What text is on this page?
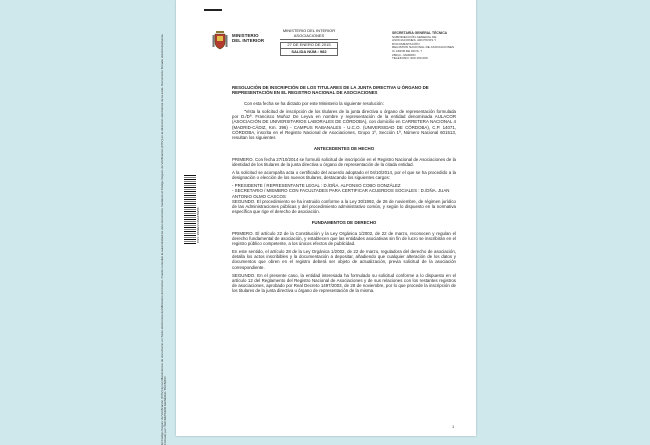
El Código Seguro de Verificación (CSV) de los Mecanismos de documento en Sede electrónica del Ministerio del Interior. Puede consultar la autenticidad de este documento mediante el Código Seguro de Verificación (CSV) en la dirección electrónica de la sede. Documento firmado electrónicamente. Firmado por: SECRETARIO GENERAL TÉCNICO
CSV: 9SWEVV4SAF5W56
MINISTERIO
DEL INTERIOR
MINISTERIO DEL INTERIOR
ASOCIACIONES
27 DE ENERO DE 2015
SALIDA NÚM.: 982
SECRETARÍA GENERAL TÉCNICA
SUBDIRECCIÓN GENERAL DE
ASOCIACIONES, ARCHIVOS Y
DOCUMENTACIÓN
REGISTRO NACIONAL DE ASOCIACIONES
C/ AMOR DE DIOS, 7
28014 - MADRID
TELÉFONO: 900 150 000

RESOLUCIÓN DE INSCRIPCIÓN DE LOS TITULARES DE LA JUNTA DIRECTIVA U ÓRGANO DE REPRESENTACIÓN EN EL REGISTRO NACIONAL DE ASOCIACIONES

Con esta fecha se ha dictado por este Ministerio la siguiente resolución:

"Vista la solicitud de inscripción de los titulares de la junta directiva u órgano de representación formulada por D./Dª. Francisco Muñoz De Leyva en nombre y representación de la entidad denominada AULACOR (ASOCIACIÓN DE UNIVERSITARIOS LABORALES DE CÓRDOBA), con domicilio en CARRETERA NACIONAL 4 (MADRID-CÁDIZ, Km. 396) - CAMPUS RABANALES - U.C.O. (UNIVERSIDAD DE CÓRDOBA), C.P. 14071, CÓRDOBA, inscrita en el Registro Nacional de Asociaciones, Grupo 1º, Sección 1ª, Número Nacional 601513, resultan los siguientes

ANTECEDENTES DE HECHO

PRIMERO. Con fecha 27/10/2014 se formuló solicitud de inscripción en el Registro Nacional de Asociaciones de la identidad de los titulares de la junta directiva u órgano de representación de la citada entidad.

A la solicitud se acompaña acta o certificado del acuerdo adoptado el 04/10/2014, por el que se ha procedido a la designación o elección de los nuevos titulares, destacando los siguientes cargos:

- PRESIDENTE / REPRESENTANTE LEGAL : D./DÑA. ALFONSO COBO GONZÁLEZ

- SECRETARIO / MIEMBRO CON FACULTADES PARA CERTIFICAR ACUERDOS SOCIALES : D./DÑA. JUAN ANTONIO OLMO CASCOS

SEGUNDO. El procedimiento se ha instruido conforme a la Ley 30/1992, de 26 de noviembre, de régimen jurídico de las Administraciones públicas y del procedimiento administrativo común, y según lo dispuesto en la normativa específica que rige el derecho de asociación.

FUNDAMENTOS DE DERECHO

PRIMERO. El artículo 22 de la Constitución y la Ley Orgánica 1/2002, de 22 de marzo, reconocen y regulan el derecho fundamental de asociación, y establecen que las entidades asociativas sin fin de lucro se inscribirán en el registro público competente, a los únicos efectos de publicidad.

En este sentido, el artículo 28 de la Ley Orgánica 1/2002, de 22 de marzo, reguladora del derecho de asociación, detalla los actos inscribibles y la documentación a depositar, añadiendo que cualquier alteración de los datos y documentos que obren en el registro deberá ser objeto de actualización, previa solicitud de la asociación correspondiente.

SEGUNDO. En el presente caso, la entidad interesada ha formulado su solicitud conforme a lo dispuesto en el artículo 12 del Reglamento del Registro Nacional de Asociaciones y de sus relaciones con los restantes registros de asociaciones, aprobado por Real Decreto 1497/2003, de 28 de noviembre, por lo que procede la inscripción de los titulares de la junta directiva u órgano de representación de la misma.

1
